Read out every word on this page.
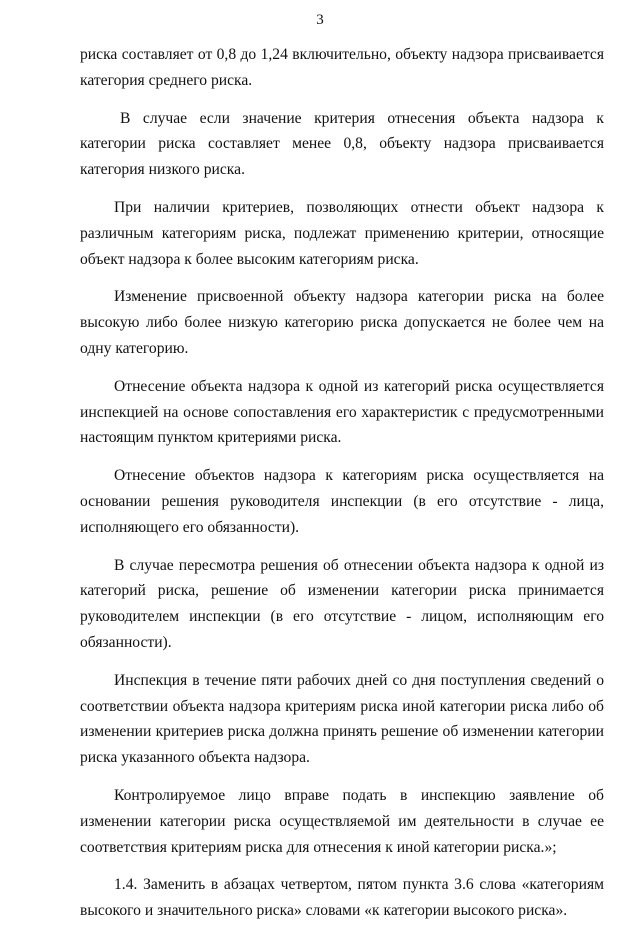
3

риска составляет от 0,8 до 1,24 включительно, объекту надзора присваивается категория среднего риска.

В случае если значение критерия отнесения объекта надзора к категории риска составляет менее 0,8, объекту надзора присваивается категория низкого риска.

При наличии критериев, позволяющих отнести объект надзора к различным категориям риска, подлежат применению критерии, относящие объект надзора к более высоким категориям риска.

Изменение присвоенной объекту надзора категории риска на более высокую либо более низкую категорию риска допускается не более чем на одну категорию.

Отнесение объекта надзора к одной из категорий риска осуществляется инспекцией на основе сопоставления его характеристик с предусмотренными настоящим пунктом критериями риска.

Отнесение объектов надзора к категориям риска осуществляется на основании решения руководителя инспекции (в его отсутствие - лица, исполняющего его обязанности).

В случае пересмотра решения об отнесении объекта надзора к одной из категорий риска, решение об изменении категории риска принимается руководителем инспекции (в его отсутствие - лицом, исполняющим его обязанности).

Инспекция в течение пяти рабочих дней со дня поступления сведений о соответствии объекта надзора критериям риска иной категории риска либо об изменении критериев риска должна принять решение об изменении категории риска указанного объекта надзора.

Контролируемое лицо вправе подать в инспекцию заявление об изменении категории риска осуществляемой им деятельности в случае ее соответствия критериям риска для отнесения к иной категории риска.»;

1.4. Заменить в абзацах четвертом, пятом пункта 3.6 слова «категориям высокого и значительного риска» словами «к категории высокого риска».
